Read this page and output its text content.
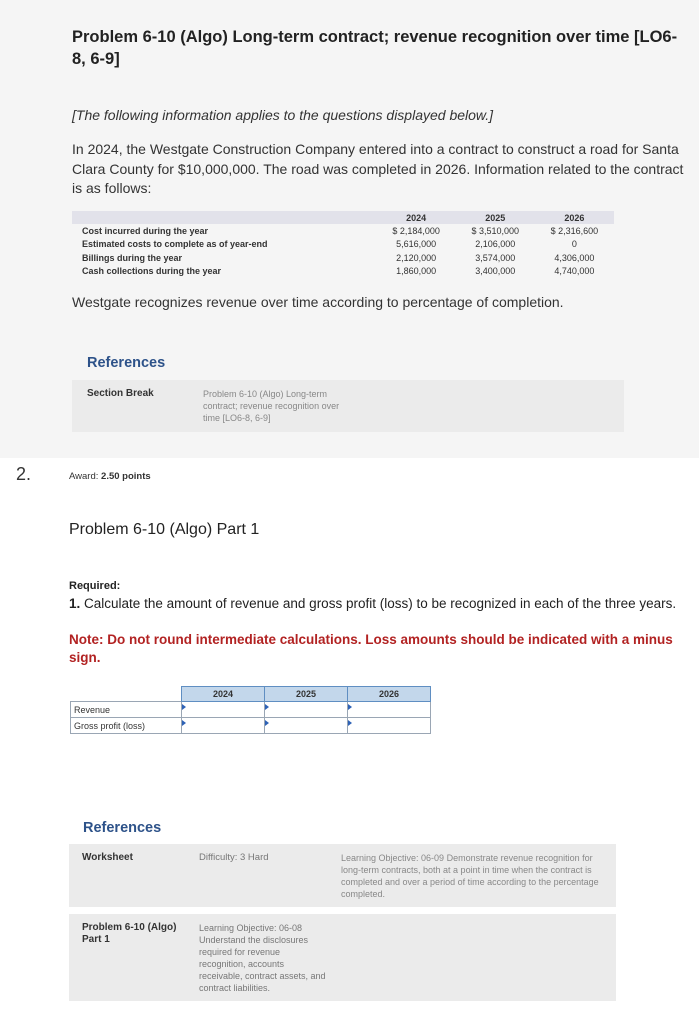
Problem 6-10 (Algo) Long-term contract; revenue recognition over time [LO6-8, 6-9]
[The following information applies to the questions displayed below.]
In 2024, the Westgate Construction Company entered into a contract to construct a road for Santa Clara County for $10,000,000. The road was completed in 2026. Information related to the contract is as follows:
	2024	2025	2026
Cost incurred during the year	$ 2,184,000	$ 3,510,000	$ 2,316,600
Estimated costs to complete as of year-end	5,616,000	2,106,000	0
Billings during the year	2,120,000	3,574,000	4,306,000
Cash collections during the year	1,860,000	3,400,000	4,740,000
Westgate recognizes revenue over time according to percentage of completion.
References
Section Break	Problem 6-10 (Algo) Long-term contract; revenue recognition over time [LO6-8, 6-9]
2.	Award: 2.50 points
Problem 6-10 (Algo) Part 1
Required:
1. Calculate the amount of revenue and gross profit (loss) to be recognized in each of the three years.
Note: Do not round intermediate calculations. Loss amounts should be indicated with a minus sign.
	2024	2025	2026
Revenue	

Gross profit (loss)	

References
Worksheet	Difficulty: 3 Hard	Learning Objective: 06-09 Demonstrate revenue recognition for long-term contracts, both at a point in time when the contract is completed and over a period of time according to the percentage completed.
Problem 6-10 (Algo) Part 1
Learning Objective: 06-08 Understand the disclosures required for revenue recognition, accounts receivable, contract assets, and contract liabilities.
